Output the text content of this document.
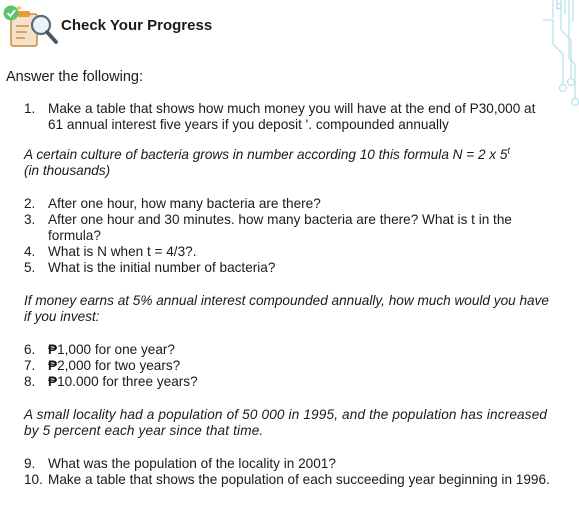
Check Your Progress
Answer the following:
1. Make a table that shows how much money you will have at the end of P30,000 at 61 annual interest five years if you deposit '. compounded annually
A certain culture of bacteria grows in number according 10 this formula N = 2 x 5$^t$
(in thousands)
2. After one hour, how many bacteria are there?
3. After one hour and 30 minutes. how many bacteria are there? What is t in the formula?
4. What is N when t = 4/3?.
5. What is the initial number of bacteria?
If money earns at 5% annual interest compounded annually, how much would you have if you invest:
6. ₱1,000 for one year?
7. ₱2,000 for two years?
8. ₱10.000 for three years?
A small locality had a population of 50 000 in 1995, and the population has increased by 5 percent each year since that time.
9. What was the population of the locality in 2001?
10. Make a table that shows the population of each succeeding year beginning in 1996.
